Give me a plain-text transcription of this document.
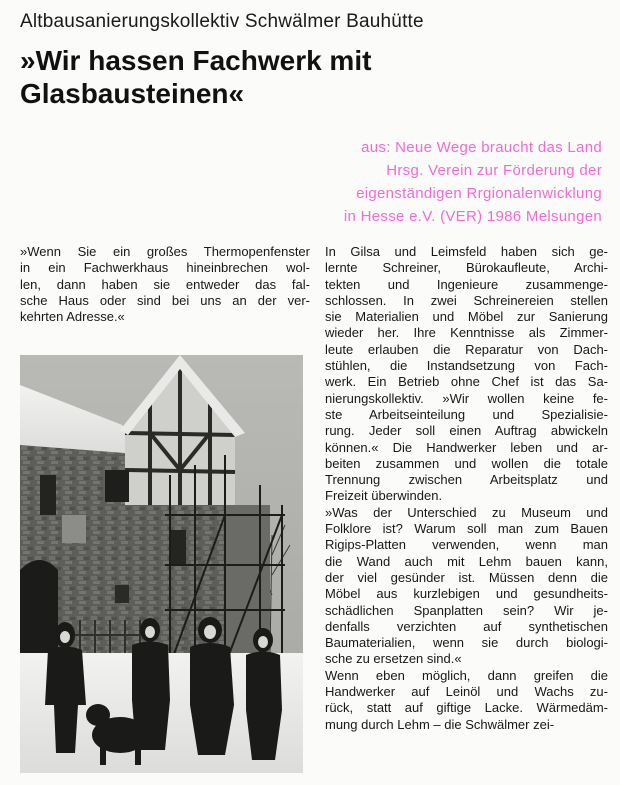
Altbausanierungskollektiv Schwälmer Bauhütte
»Wir hassen Fachwerk mit
Glasbausteinen«
aus: Neue Wege braucht das Land
Hrsg. Verein zur Förderung der
eigenständigen Rrgionalenwicklung
in Hesse e.V. (VER) 1986 Melsungen
»Wenn Sie ein großes Thermopenfenster
in ein Fachwerkhaus hineinbrechen wol-
len, dann haben sie entweder das fal-
sche Haus oder sind bei uns an der ver-
kehrten Adresse.«
In Gilsa und Leimsfeld haben sich ge-
lernte Schreiner, Bürokaufleute, Archi-
tekten und Ingenieure zusammenge-
schlossen. In zwei Schreinereien stellen
sie Materialien und Möbel zur Sanierung
wieder her. Ihre Kenntnisse als Zimmer-
leute erlauben die Reparatur von Dach-
stühlen, die Instandsetzung von Fach-
werk. Ein Betrieb ohne Chef ist das Sa-
nierungskollektiv. »Wir wollen keine fe-
ste Arbeitseinteilung und Spezialisie-
rung. Jeder soll einen Auftrag abwickeln
können.« Die Handwerker leben und ar-
beiten zusammen und wollen die totale
Trennung zwischen Arbeitsplatz und
Freizeit überwinden.
»Was der Unterschied zu Museum und
Folklore ist? Warum soll man zum Bauen
Rigips-Platten verwenden, wenn man
die Wand auch mit Lehm bauen kann,
der viel gesünder ist. Müssen denn die
Möbel aus kurzlebigen und gesundheits-
schädlichen Spanplatten sein? Wir je-
denfalls verzichten auf synthetischen
Baumaterialien, wenn sie durch biologi-
sche zu ersetzen sind.«
Wenn eben möglich, dann greifen die
Handwerker auf Leinöl und Wachs zu-
rück, statt auf giftige Lacke. Wärmedäm-
mung durch Lehm – die Schwälmer zei-
